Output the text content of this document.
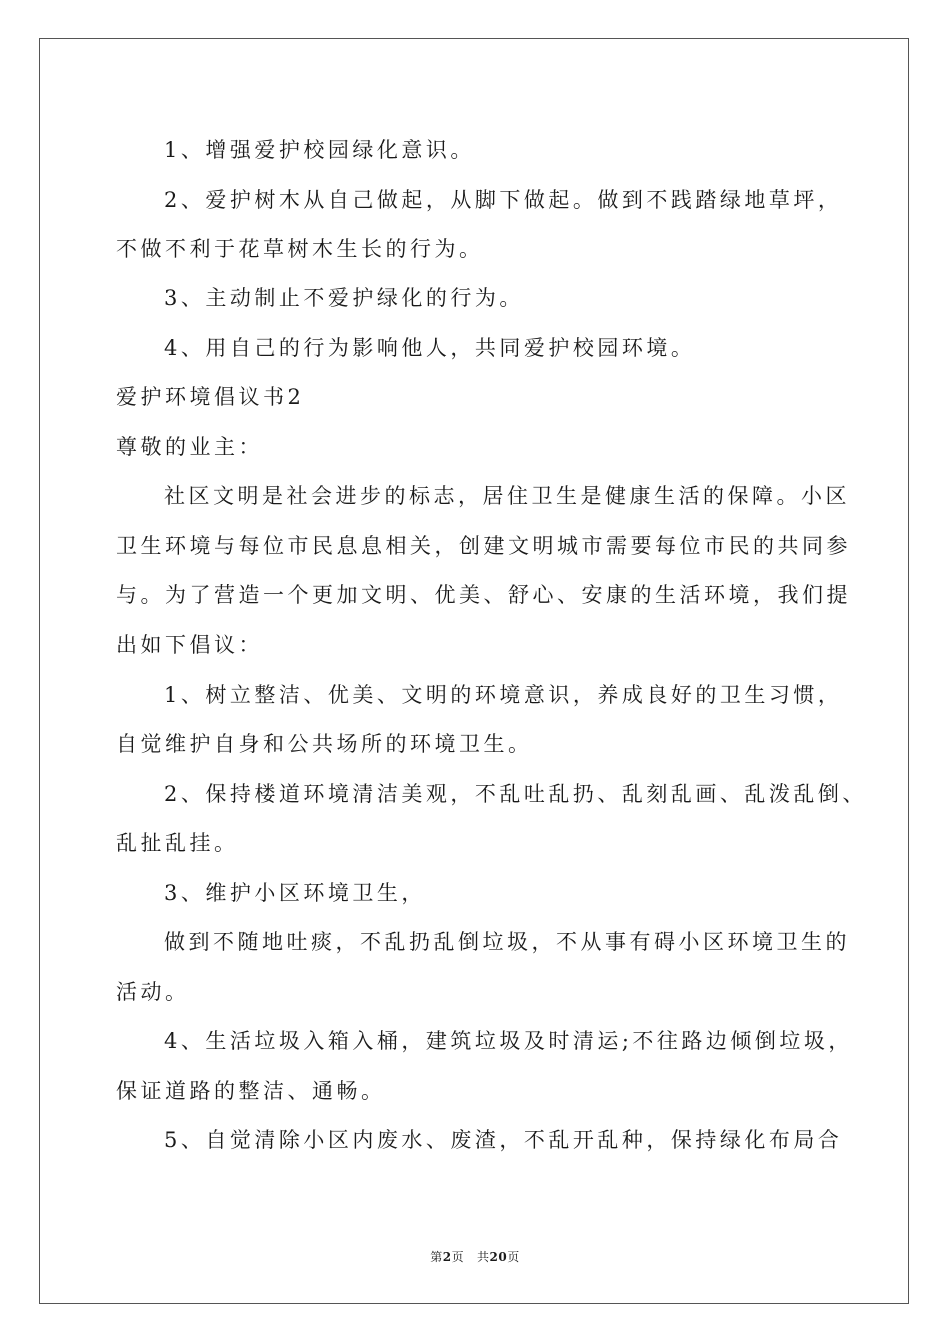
1、增强爱护校园绿化意识。
2、爱护树木从自己做起，从脚下做起。做到不践踏绿地草坪，
不做不利于花草树木生长的行为。
3、主动制止不爱护绿化的行为。
4、用自己的行为影响他人，共同爱护校园环境。
爱护环境倡议书2
尊敬的业主：
社区文明是社会进步的标志，居住卫生是健康生活的保障。小区
卫生环境与每位市民息息相关，创建文明城市需要每位市民的共同参
与。为了营造一个更加文明、优美、舒心、安康的生活环境，我们提
出如下倡议：
1、树立整洁、优美、文明的环境意识，养成良好的卫生习惯，
自觉维护自身和公共场所的环境卫生。
2、保持楼道环境清洁美观，不乱吐乱扔、乱刻乱画、乱泼乱倒、
乱扯乱挂。
3、维护小区环境卫生，
做到不随地吐痰，不乱扔乱倒垃圾，不从事有碍小区环境卫生的
活动。
4、生活垃圾入箱入桶，建筑垃圾及时清运;不往路边倾倒垃圾，
保证道路的整洁、通畅。
5、自觉清除小区内废水、废渣，不乱开乱种，保持绿化布局合
第2页   共20页
